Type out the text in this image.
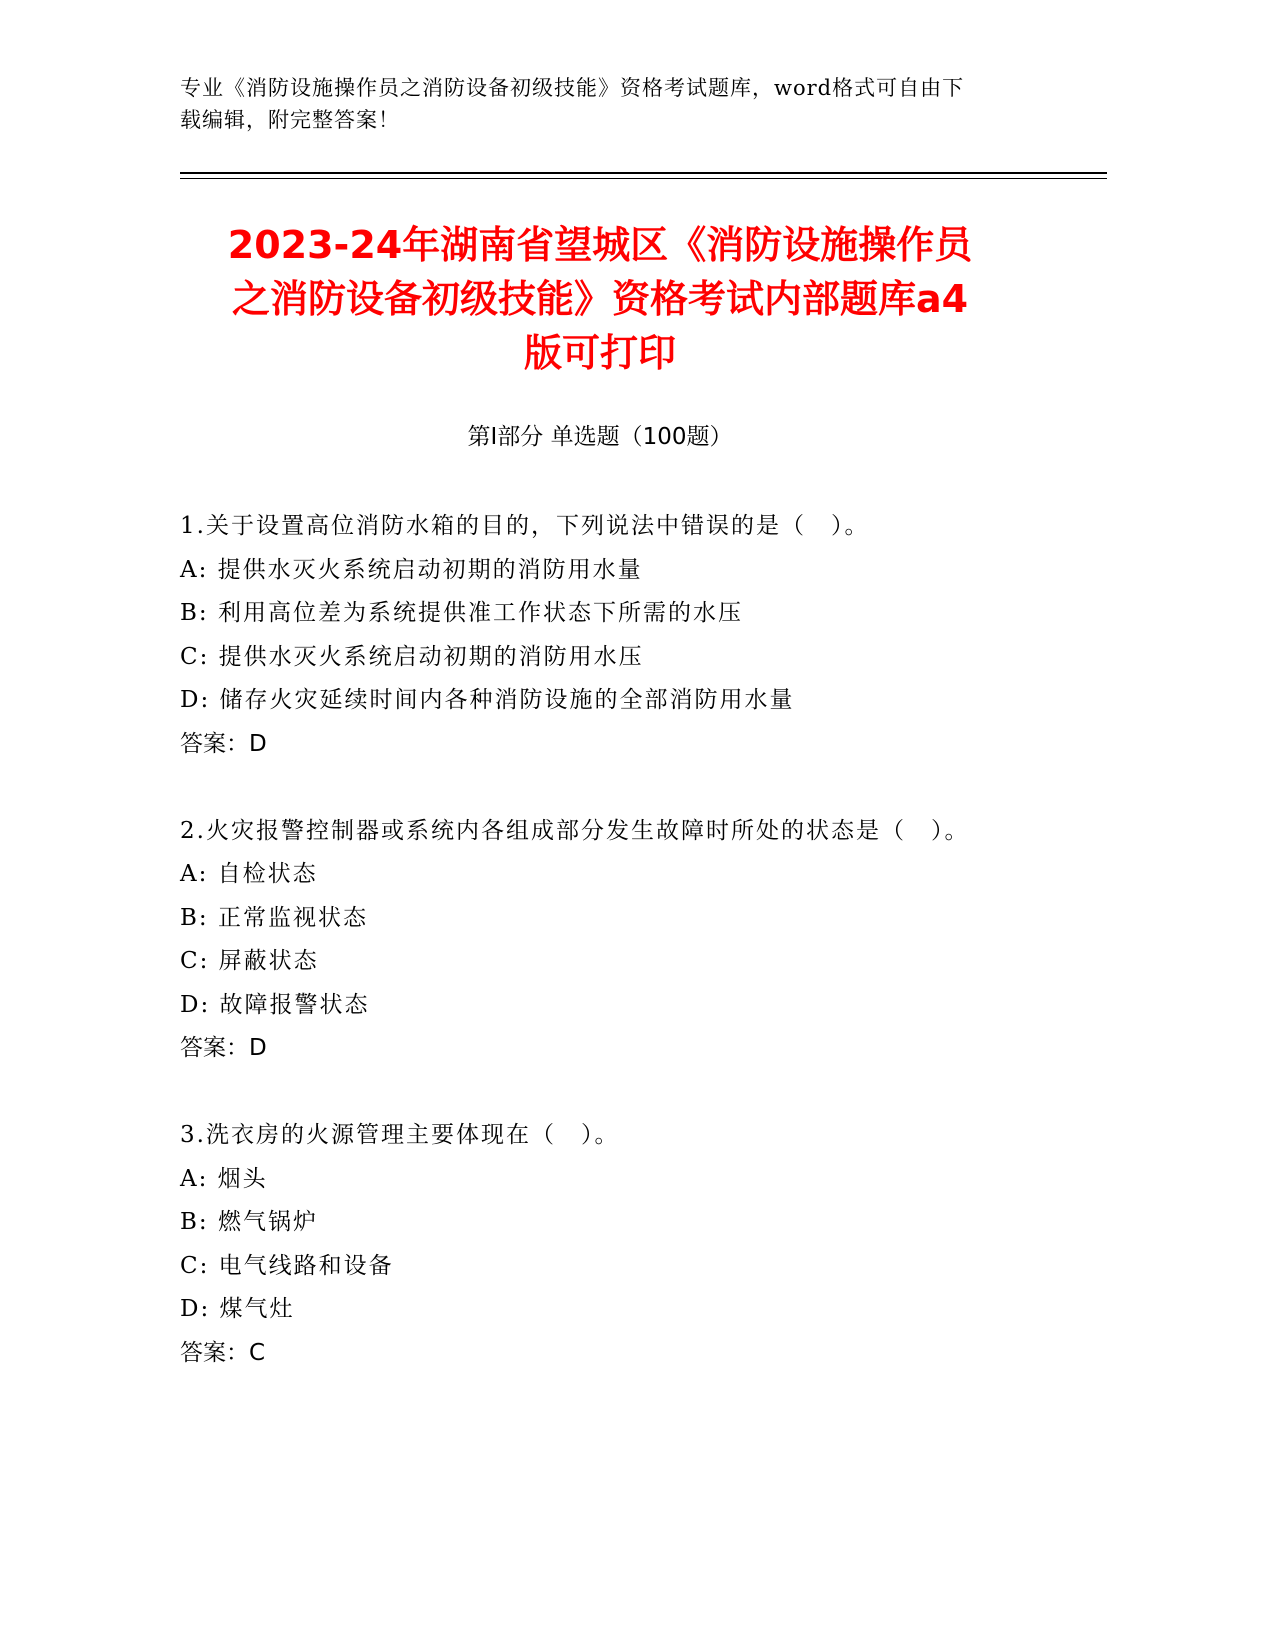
专业《消防设施操作员之消防设备初级技能》资格考试题库，word格式可自由下
载编辑，附完整答案！
2023-24年湖南省望城区《消防设施操作员
之消防设备初级技能》资格考试内部题库a4
版可打印
第Ⅰ部分 单选题（100题）
1.关于设置高位消防水箱的目的，下列说法中错误的是（　）。
A: 提供水灭火系统启动初期的消防用水量
B: 利用高位差为系统提供准工作状态下所需的水压
C: 提供水灭火系统启动初期的消防用水压
D: 储存火灾延续时间内各种消防设施的全部消防用水量
答案：D
2.火灾报警控制器或系统内各组成部分发生故障时所处的状态是（　）。
A: 自检状态
B: 正常监视状态
C: 屏蔽状态
D: 故障报警状态
答案：D
3.洗衣房的火源管理主要体现在（　）。
A: 烟头
B: 燃气锅炉
C: 电气线路和设备
D: 煤气灶
答案：C
